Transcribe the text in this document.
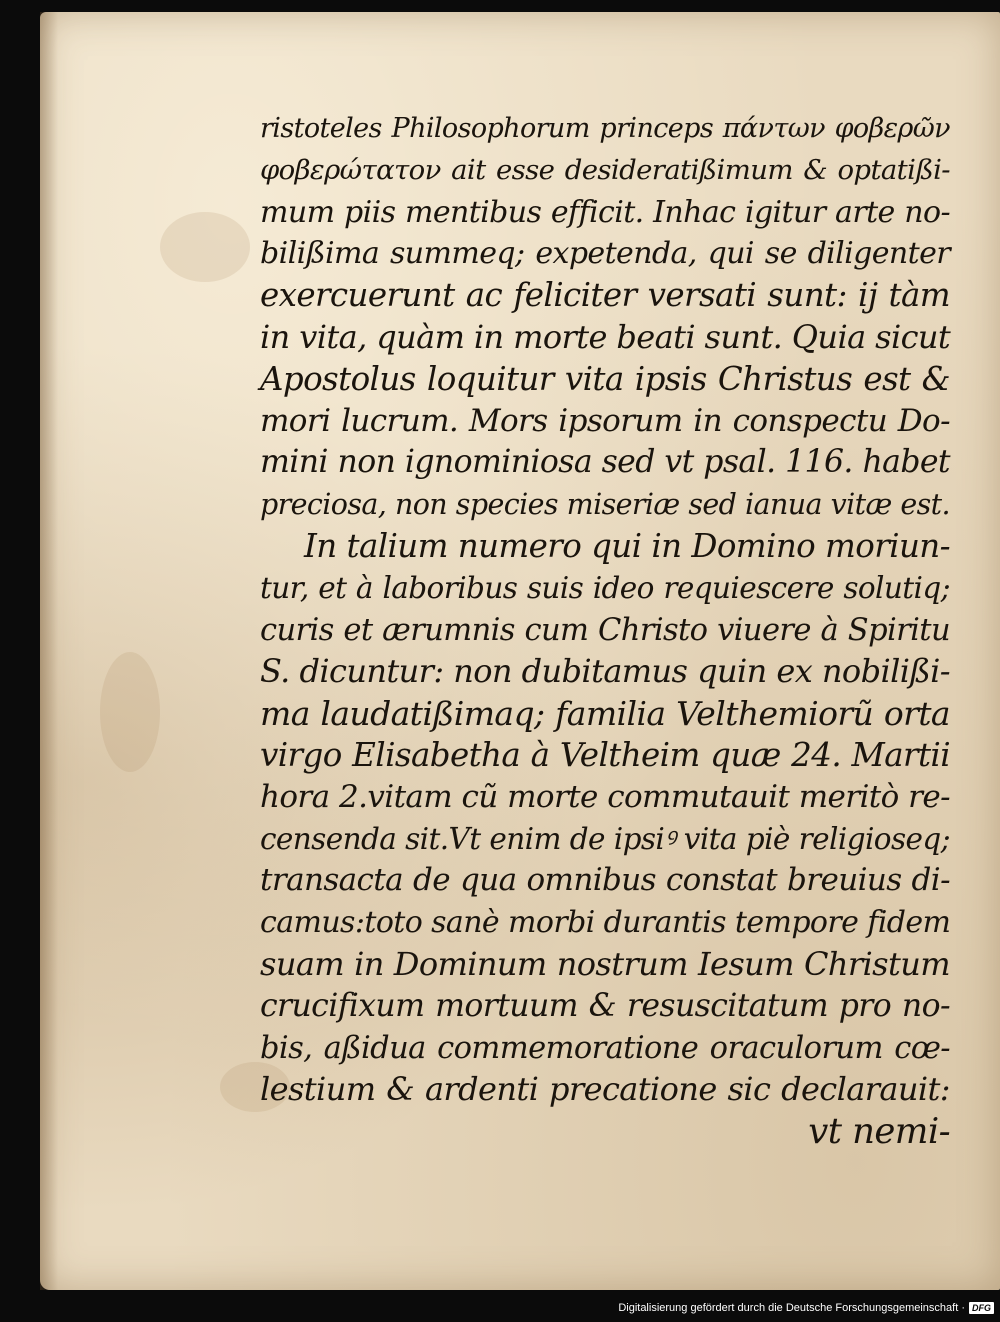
ristoteles Philosophorum princeps πάντων φοβερῶν
φοβερώτατον ait esse desideratißimum & optatißi-
mum piis mentibus efficit. Inhac igitur arte no-
bilißima summeq; expetenda, qui se diligenter
exercuerunt ac feliciter versati sunt: ij tàm
in vita, quàm in morte beati sunt. Quia sicut
Apostolus loquitur vita ipsis Christus est &
mori lucrum. Mors ipsorum in conspectu Do-
mini non ignominiosa sed vt psal. 116. habet
preciosa, non species miseriæ sed ianua vitæ est.
In talium numero qui in Domino moriun-
tur, et à laboribus suis ideo requiescere solutiq;
curis et ærumnis cum Christo viuere à Spiritu
S. dicuntur: non dubitamus quin ex nobilißi-
ma laudatißimaq; familia Velthemiorũ orta
virgo Elisabetha à Veltheim quæ 24. Martii
hora 2.vitam cũ morte commutauit meritò re-
censenda sit.Vt enim de ipsiꝰ vita piè religioseq;
transacta de qua omnibus constat breuius di-
camus:toto sanè morbi durantis tempore fidem
suam in Dominum nostrum Iesum Christum
crucifixum mortuum & resuscitatum pro no-
bis, aßidua commemoratione oraculorum cœ-
lestium & ardenti precatione sic declarauit:
vt nemi-
Digitalisierung gefördert durch die Deutsche Forschungsgemeinschaft · DFG
